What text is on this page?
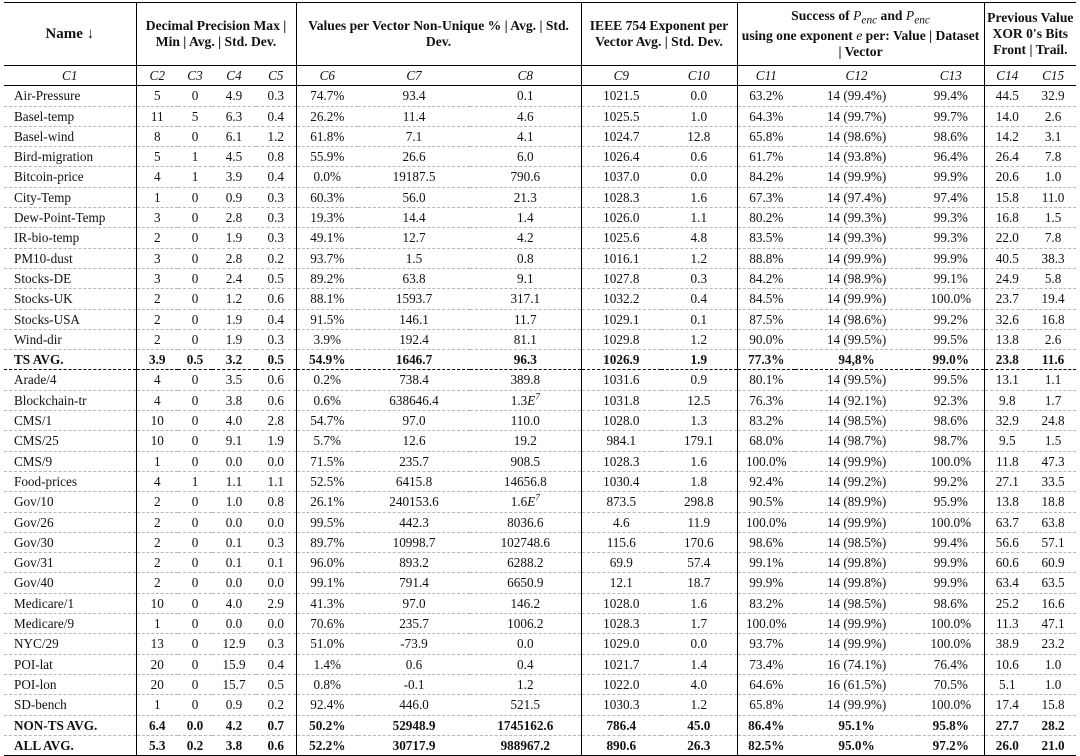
Name ↓	Decimal Precision Max | Min | Avg. | Std. Dev.				Values per Vector Non-Unique % | Avg. | Std. Dev.			IEEE 754 Exponent per Vector Avg. | Std. Dev.		Success of $P_{enc}$ and $P_{enc}$
using one exponent e per: Value | Dataset | Vector			Previous Value XOR 0's Bits Front | Trail.	
C1	C2	C3	C4	C5	C6	C7	C8	C9	C10	C11	C12	C13	C14	C15
Air-Pressure	5	0	4.9	0.3	74.7%	93.4	0.1	1021.5	0.0	63.2%	14 (99.4%)	99.4%	44.5	32.9
Basel-temp	11	5	6.3	0.4	26.2%	11.4	4.6	1025.5	1.0	64.3%	14 (99.7%)	99.7%	14.0	2.6
Basel-wind	8	0	6.1	1.2	61.8%	7.1	4.1	1024.7	12.8	65.8%	14 (98.6%)	98.6%	14.2	3.1
Bird-migration	5	1	4.5	0.8	55.9%	26.6	6.0	1026.4	0.6	61.7%	14 (93.8%)	96.4%	26.4	7.8
Bitcoin-price	4	1	3.9	0.4	0.0%	19187.5	790.6	1037.0	0.0	84.2%	14 (99.9%)	99.9%	20.6	1.0
City-Temp	1	0	0.9	0.3	60.3%	56.0	21.3	1028.3	1.6	67.3%	14 (97.4%)	97.4%	15.8	11.0
Dew-Point-Temp	3	0	2.8	0.3	19.3%	14.4	1.4	1026.0	1.1	80.2%	14 (99.3%)	99.3%	16.8	1.5
IR-bio-temp	2	0	1.9	0.3	49.1%	12.7	4.2	1025.6	4.8	83.5%	14 (99.3%)	99.3%	22.0	7.8
PM10-dust	3	0	2.8	0.2	93.7%	1.5	0.8	1016.1	1.2	88.8%	14 (99.9%)	99.9%	40.5	38.3
Stocks-DE	3	0	2.4	0.5	89.2%	63.8	9.1	1027.8	0.3	84.2%	14 (98.9%)	99.1%	24.9	5.8
Stocks-UK	2	0	1.2	0.6	88.1%	1593.7	317.1	1032.2	0.4	84.5%	14 (99.9%)	100.0%	23.7	19.4
Stocks-USA	2	0	1.9	0.4	91.5%	146.1	11.7	1029.1	0.1	87.5%	14 (98.6%)	99.2%	32.6	16.8
Wind-dir	2	0	1.9	0.3	3.9%	192.4	81.1	1029.8	1.2	90.0%	14 (99.5%)	99.5%	13.8	2.6
TS AVG.	3.9	0.5	3.2	0.5	54.9%	1646.7	96.3	1026.9	1.9	77.3%	94,8%	99.0%	23.8	11.6
Arade/4	4	0	3.5	0.6	0.2%	738.4	389.8	1031.6	0.9	80.1%	14 (99.5%)	99.5%	13.1	1.1
Blockchain-tr	4	0	3.8	0.6	0.6%	638646.4	$1.3E^7$	1031.8	12.5	76.3%	14 (92.1%)	92.3%	9.8	1.7
CMS/1	10	0	4.0	2.8	54.7%	97.0	110.0	1028.0	1.3	83.2%	14 (98.5%)	98.6%	32.9	24.8
CMS/25	10	0	9.1	1.9	5.7%	12.6	19.2	984.1	179.1	68.0%	14 (98.7%)	98.7%	9.5	1.5
CMS/9	1	0	0.0	0.0	71.5%	235.7	908.5	1028.3	1.6	100.0%	14 (99.9%)	100.0%	11.8	47.3
Food-prices	4	1	1.1	1.1	52.5%	6415.8	14656.8	1030.4	1.8	92.4%	14 (99.2%)	99.2%	27.1	33.5
Gov/10	2	0	1.0	0.8	26.1%	240153.6	$1.6E^7$	873.5	298.8	90.5%	14 (89.9%)	95.9%	13.8	18.8
Gov/26	2	0	0.0	0.0	99.5%	442.3	8036.6	4.6	11.9	100.0%	14 (99.9%)	100.0%	63.7	63.8
Gov/30	2	0	0.1	0.3	89.7%	10998.7	102748.6	115.6	170.6	98.6%	14 (98.5%)	99.4%	56.6	57.1
Gov/31	2	0	0.1	0.1	96.0%	893.2	6288.2	69.9	57.4	99.1%	14 (99.8%)	99.9%	60.6	60.9
Gov/40	2	0	0.0	0.0	99.1%	791.4	6650.9	12.1	18.7	99.9%	14 (99.8%)	99.9%	63.4	63.5
Medicare/1	10	0	4.0	2.9	41.3%	97.0	146.2	1028.0	1.6	83.2%	14 (98.5%)	98.6%	25.2	16.6
Medicare/9	1	0	0.0	0.0	70.6%	235.7	1006.2	1028.3	1.7	100.0%	14 (99.9%)	100.0%	11.3	47.1
NYC/29	13	0	12.9	0.3	51.0%	-73.9	0.0	1029.0	0.0	93.7%	14 (99.9%)	100.0%	38.9	23.2
POI-lat	20	0	15.9	0.4	1.4%	0.6	0.4	1021.7	1.4	73.4%	16 (74.1%)	76.4%	10.6	1.0
POI-lon	20	0	15.7	0.5	0.8%	-0.1	1.2	1022.0	4.0	64.6%	16 (61.5%)	70.5%	5.1	1.0
SD-bench	1	0	0.9	0.2	92.4%	446.0	521.5	1030.3	1.2	65.8%	14 (99.9%)	100.0%	17.4	15.8
NON-TS AVG.	6.4	0.0	4.2	0.7	50.2%	52948.9	1745162.6	786.4	45.0	86.4%	95.1%	95.8%	27.7	28.2
ALL AVG.	5.3	0.2	3.8	0.6	52.2%	30717.9	988967.2	890.6	26.3	82.5%	95.0%	97.2%	26.0	21.0
